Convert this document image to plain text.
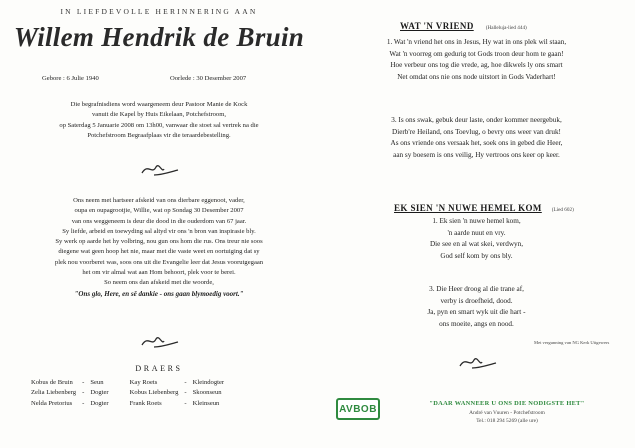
IN LIEFDEVOLLE HERINNERING AAN
Willem Hendrik de Bruin
Gebore : 6 Julie 1940	Oorlede : 30 Desember 2007
Die begrafnisdiens word waargeneem deur Pastoor Manie de Kock
vanuit die Kapel by Huis Eikelaan, Potchefstroom,
op Saterdag 5 Januarie 2008 om 13h00, vanwaar die stoet sal vertrek na die
Potchefstroom Begraafplaas vir die teraardebestelling.
Ons neem met hartseer afskeid van ons dierbare eggenoot, vader,
oupa en oupagrootjie, Willie, wat op Sondag 30 Desember 2007
van ons weggeneem is deur die dood in die ouderdom van 67 jaar.
Sy liefde, arbeid en toewyding sal altyd vir ons 'n bron van inspirasie bly.
Sy werk op aarde het hy volbring, nou gun ons hom die rus. Ons treur nie soos
diegene wat geen hoop het nie, maar met die vaste weet en oortuiging dat sy
plek nou voorberei was, soos ons uit die Evangelie leer dat Jesus voorutgegaan
het om vir almal wat aan Hom behoort, plek voor te berei.
So neem ons dan afskeid met die woorde,
"Ons glo, Here, en sê dankie - ons gaan blymoedig voort."
DRAERS
Kobus de Bruin	-	Seun	Kay Roets	-	Kleindogter
Zelia Liebenberg	-	Dogter	Kobus Liebenberg	-	Skoonseun
Nelda Pretorius	-	Dogter	Frank Roets	-	Kleinseun
WAT 'N VRIEND (Halleluja-lied 444)
1. Wat 'n vriend het ons in Jesus, Hy wat in ons plek wil staan,
Wat 'n voorreg om gedurig tot Gods troon deur hom te gaan!
Hoe verbeur ons tog die vrede, ag, hoe dikwels ly ons smart
Net omdat ons nie ons node uitstort in Gods Vaderhart!
3. Is ons swak, gebuk deur laste, onder kommer neergebuk,
Dierb're Heiland, ons Toevlug, o bevry ons weer van druk!
As ons vriende ons versaak het, soek ons in gebed die Heer,
aan sy boesem is ons veilig, Hy vertroos ons keer op keer.
EK SIEN 'N NUWE HEMEL KOM (Lied 602)
1. Ek sien 'n nuwe hemel kom,
'n aarde nuut en vry.
Die see en al wat skei, verdwyn,
God self kom by ons bly.
3. Die Heer droog al die trane af,
verby is droefheid, dood.
Ja, pyn en smart wyk uit die hart -
ons moeite, angs en nood.
Met vergunning van NG Kerk Uitgewers
AVBOB	"DAAR WANNEER U ONS DIE NODIGSTE HET"
André van Vuuren - Potchefstroom
Tel.: 018 294 5269 (alle ure)
